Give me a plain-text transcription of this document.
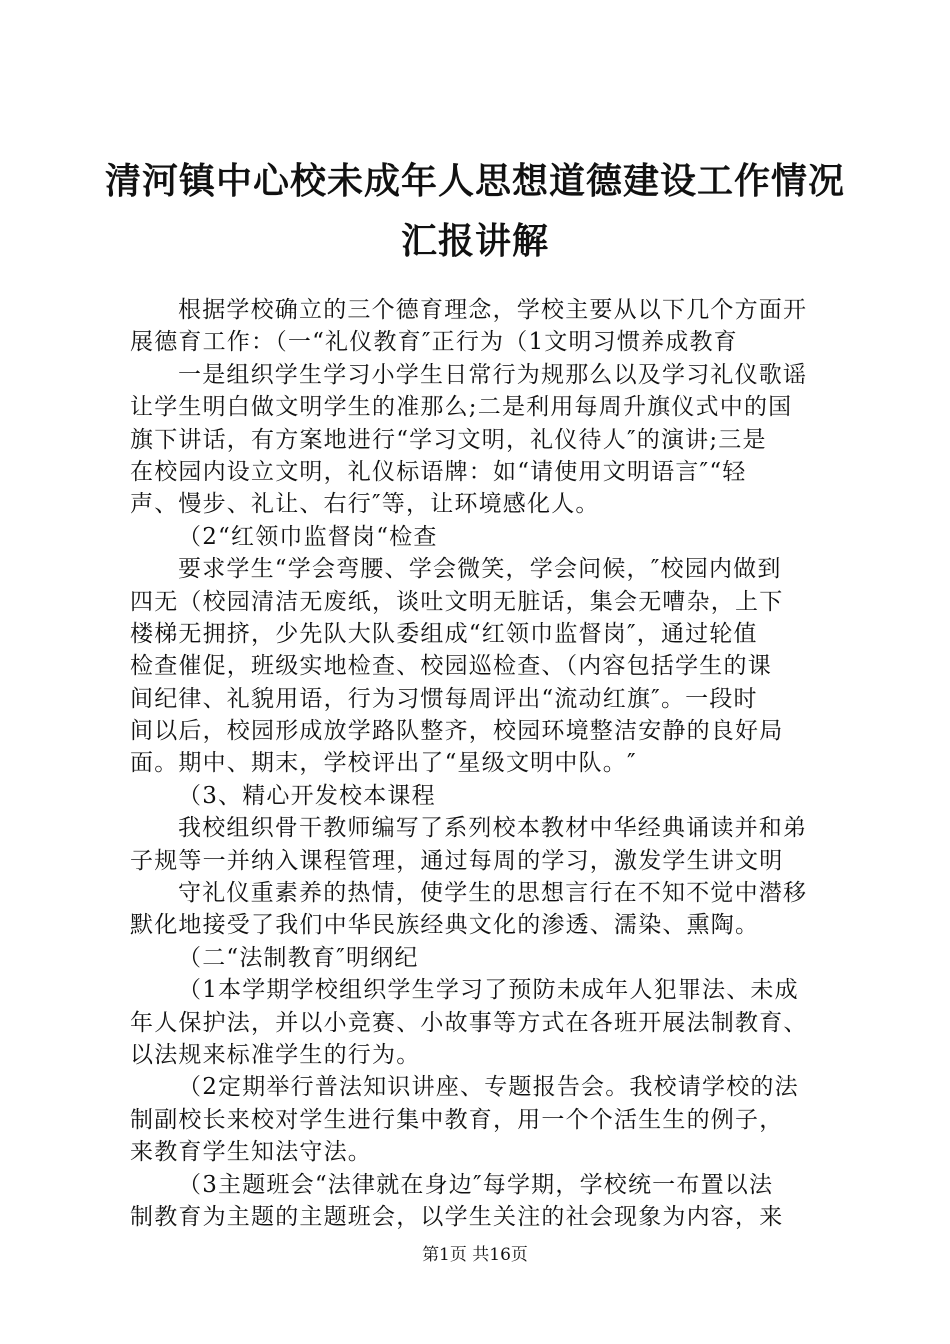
清河镇中心校未成年人思想道德建设工作情况
汇报讲解
根据学校确立的三个德育理念，学校主要从以下几个方面开
展德育工作：（一“礼仪教育″正行为（1文明习惯养成教育
一是组织学生学习小学生日常行为规那么以及学习礼仪歌谣
让学生明白做文明学生的准那么;二是利用每周升旗仪式中的国
旗下讲话，有方案地进行“学习文明，礼仪待人″的演讲;三是
在校园内设立文明，礼仪标语牌：如“请使用文明语言″“轻
声、慢步、礼让、右行″等，让环境感化人。
（2“红领巾监督岗“检查
要求学生“学会弯腰、学会微笑，学会问候，″校园内做到
四无（校园清洁无废纸，谈吐文明无脏话，集会无嘈杂，上下
楼梯无拥挤，少先队大队委组成“红领巾监督岗″，通过轮值
检查催促，班级实地检查、校园巡检查、（内容包括学生的课
间纪律、礼貌用语，行为习惯每周评出“流动红旗″。一段时
间以后，校园形成放学路队整齐，校园环境整洁安静的良好局
面。期中、期末，学校评出了“星级文明中队。″
（3、精心开发校本课程
我校组织骨干教师编写了系列校本教材中华经典诵读并和弟
子规等一并纳入课程管理，通过每周的学习，激发学生讲文明
守礼仪重素养的热情，使学生的思想言行在不知不觉中潜移
默化地接受了我们中华民族经典文化的渗透、濡染、熏陶。
（二“法制教育″明纲纪
（1本学期学校组织学生学习了预防未成年人犯罪法、未成
年人保护法，并以小竞赛、小故事等方式在各班开展法制教育、
以法规来标准学生的行为。
（2定期举行普法知识讲座、专题报告会。我校请学校的法
制副校长来校对学生进行集中教育，用一个个活生生的例子，
来教育学生知法守法。
（3主题班会“法律就在身边″每学期，学校统一布置以法
制教育为主题的主题班会，以学生关注的社会现象为内容，来
第1页 共16页
